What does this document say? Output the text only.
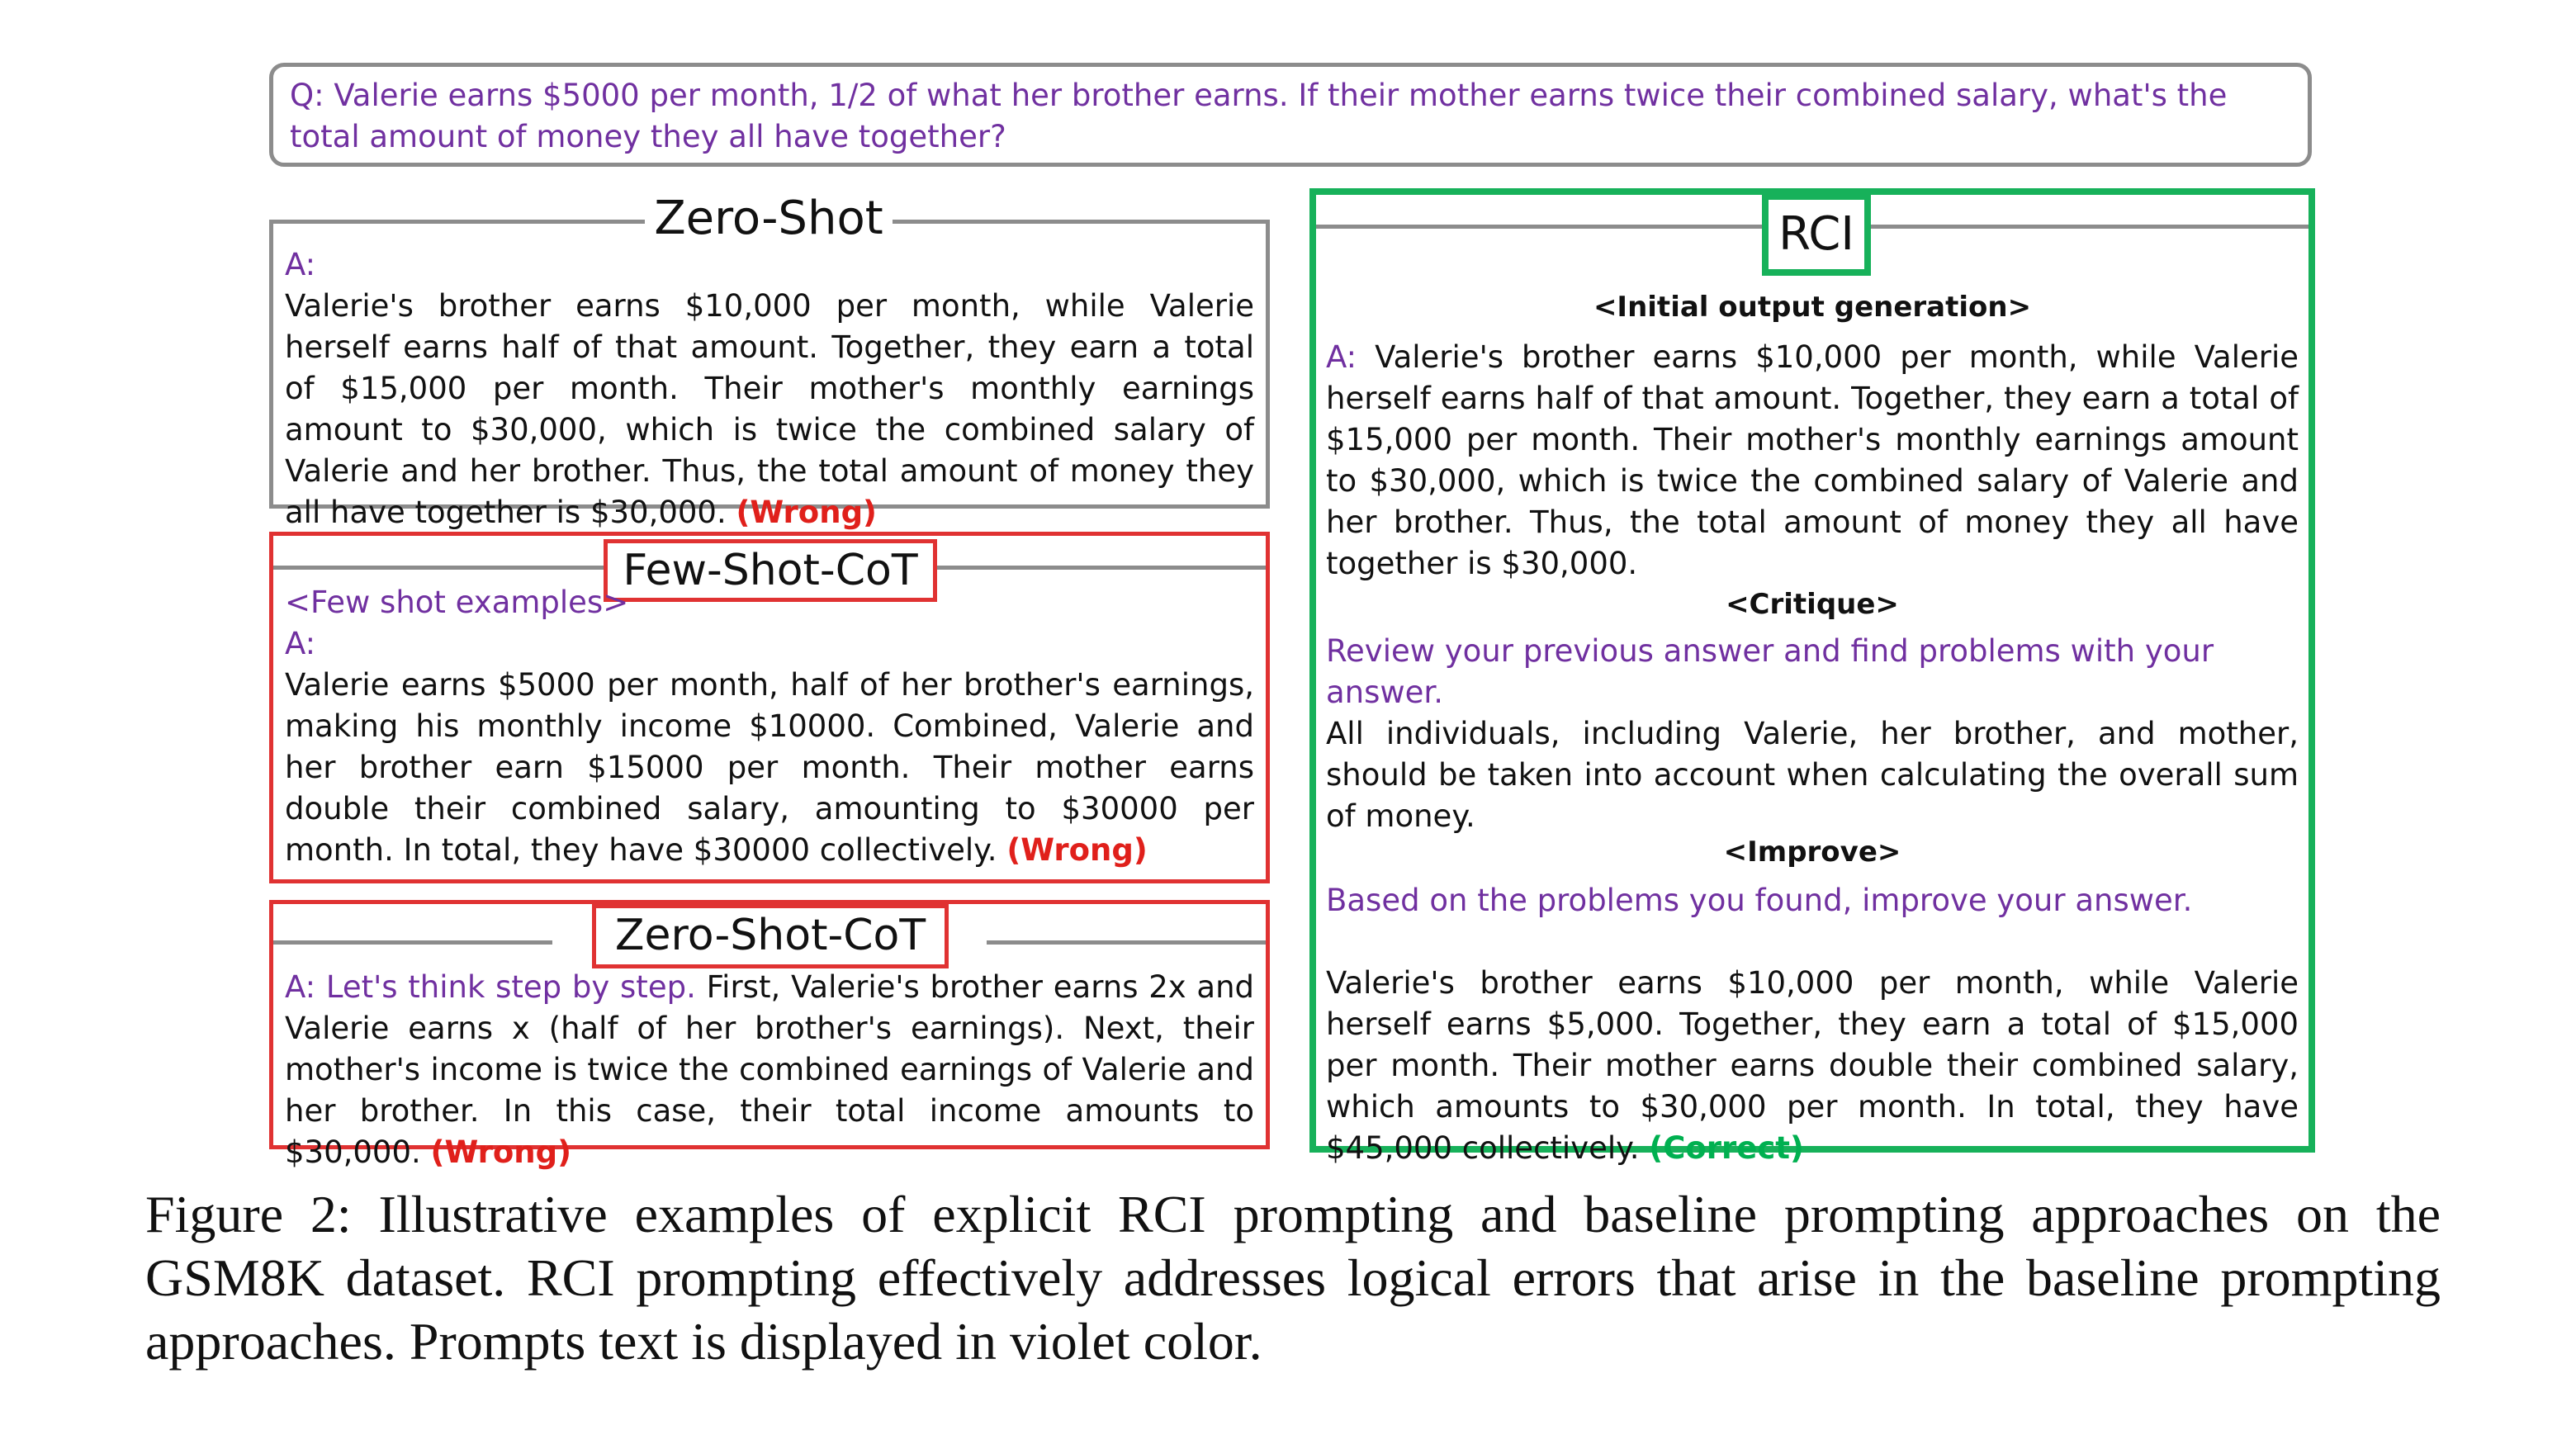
Q: Valerie earns $5000 per month, 1/2 of what her brother earns. If their mother earns twice their combined salary, what's the total amount of money they all have together?
Zero-Shot
A:
Valerie's brother earns $10,000 per month, while Valerie herself earns half of that amount. Together, they earn a total of $15,000 per month. Their mother's monthly earnings amount to $30,000, which is twice the combined salary of Valerie and her brother. Thus, the total amount of money they all have together is $30,000. (Wrong)
Few-Shot-CoT
<Few shot examples>
A:
Valerie earns $5000 per month, half of her brother's earnings, making his monthly income $10000. Combined, Valerie and her brother earn $15000 per month. Their mother earns double their combined salary, amounting to $30000 per month. In total, they have $30000 collectively. (Wrong)
Zero-Shot-CoT
A: Let's think step by step. First, Valerie's brother earns 2x and Valerie earns x (half of her brother's earnings). Next, their mother's income is twice the combined earnings of Valerie and her brother. In this case, their total income amounts to $30,000. (Wrong)
RCI
<Initial output generation>
A: Valerie's brother earns $10,000 per month, while Valerie herself earns half of that amount. Together, they earn a total of $15,000 per month. Their mother's monthly earnings amount to $30,000, which is twice the combined salary of Valerie and her brother. Thus, the total amount of money they all have together is $30,000.
<Critique>
Review your previous answer and find problems with your answer.
All individuals, including Valerie, her brother, and mother, should be taken into account when calculating the overall sum of money.
<Improve>
Based on the problems you found, improve your answer.
Valerie's brother earns $10,000 per month, while Valerie herself earns $5,000. Together, they earn a total of $15,000 per month. Their mother earns double their combined salary, which amounts to $30,000 per month. In total, they have $45,000 collectively. (Correct)
Figure 2: Illustrative examples of explicit RCI prompting and baseline prompting approaches on the GSM8K dataset. RCI prompting effectively addresses logical errors that arise in the baseline prompting approaches. Prompts text is displayed in violet color.
